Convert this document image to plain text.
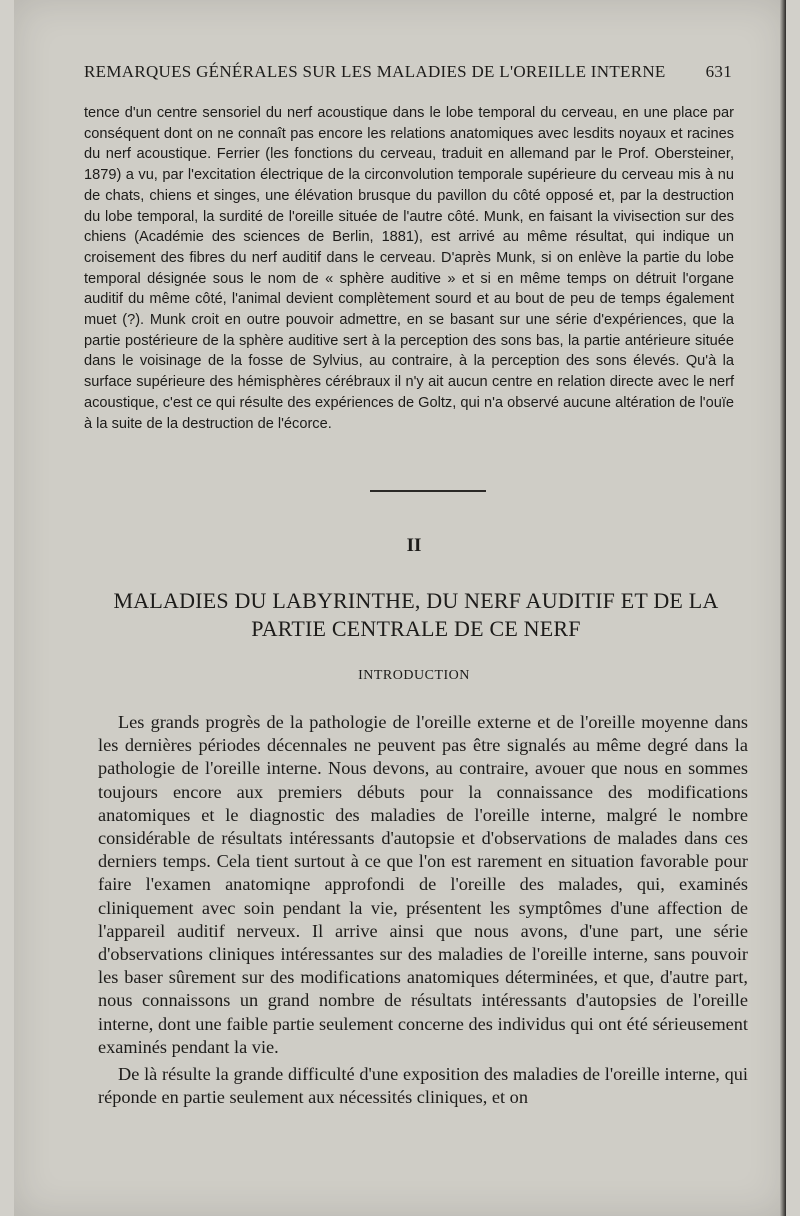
REMARQUES GÉNÉRALES SUR LES MALADIES DE L'OREILLE INTERNE 631

tence d'un centre sensoriel du nerf acoustique dans le lobe temporal du cerveau, en une place par conséquent dont on ne connaît pas encore les relations anatomiques avec lesdits noyaux et racines du nerf acoustique. Ferrier (les fonctions du cerveau, traduit en allemand par le Prof. Obersteiner, 1879) a vu, par l'excitation électrique de la circonvolution temporale supérieure du cerveau mis à nu de chats, chiens et singes, une élévation brusque du pavillon du côté opposé et, par la destruction du lobe temporal, la surdité de l'oreille située de l'autre côté. Munk, en faisant la vivisection sur des chiens (Académie des sciences de Berlin, 1881), est arrivé au même résultat, qui indique un croisement des fibres du nerf auditif dans le cerveau. D'après Munk, si on enlève la partie du lobe temporal désignée sous le nom de « sphère auditive » et si en même temps on détruit l'organe auditif du même côté, l'animal devient complètement sourd et au bout de peu de temps également muet (?). Munk croit en outre pouvoir admettre, en se basant sur une série d'expériences, que la partie postérieure de la sphère auditive sert à la perception des sons bas, la partie antérieure située dans le voisinage de la fosse de Sylvius, au contraire, à la perception des sons élevés. Qu'à la surface supérieure des hémisphères cérébraux il n'y ait aucun centre en relation directe avec le nerf acoustique, c'est ce qui résulte des expériences de Goltz, qui n'a observé aucune altération de l'ouïe à la suite de la destruction de l'écorce.

II
MALADIES DU LABYRINTHE, DU NERF AUDITIF ET DE LA PARTIE CENTRALE DE CE NERF
INTRODUCTION

Les grands progrès de la pathologie de l'oreille externe et de l'oreille moyenne dans les dernières périodes décennales ne peuvent pas être signalés au même degré dans la pathologie de l'oreille interne. Nous devons, au contraire, avouer que nous en sommes toujours encore aux premiers débuts pour la connaissance des modifications anatomiques et le diagnostic des maladies de l'oreille interne, malgré le nombre considérable de résultats intéressants d'autopsie et d'observations de malades dans ces derniers temps. Cela tient surtout à ce que l'on est rarement en situation favorable pour faire l'examen anatomiqne approfondi de l'oreille des malades, qui, examinés cliniquement avec soin pendant la vie, présentent les symptômes d'une affection de l'appareil auditif nerveux. Il arrive ainsi que nous avons, d'une part, une série d'observations cliniques intéressantes sur des maladies de l'oreille interne, sans pouvoir les baser sûrement sur des modifications anatomiques déterminées, et que, d'autre part, nous connaissons un grand nombre de résultats intéressants d'autopsies de l'oreille interne, dont une faible partie seulement concerne des individus qui ont été sérieusement examinés pendant la vie.

De là résulte la grande difficulté d'une exposition des maladies de l'oreille interne, qui réponde en partie seulement aux nécessités cliniques, et on
